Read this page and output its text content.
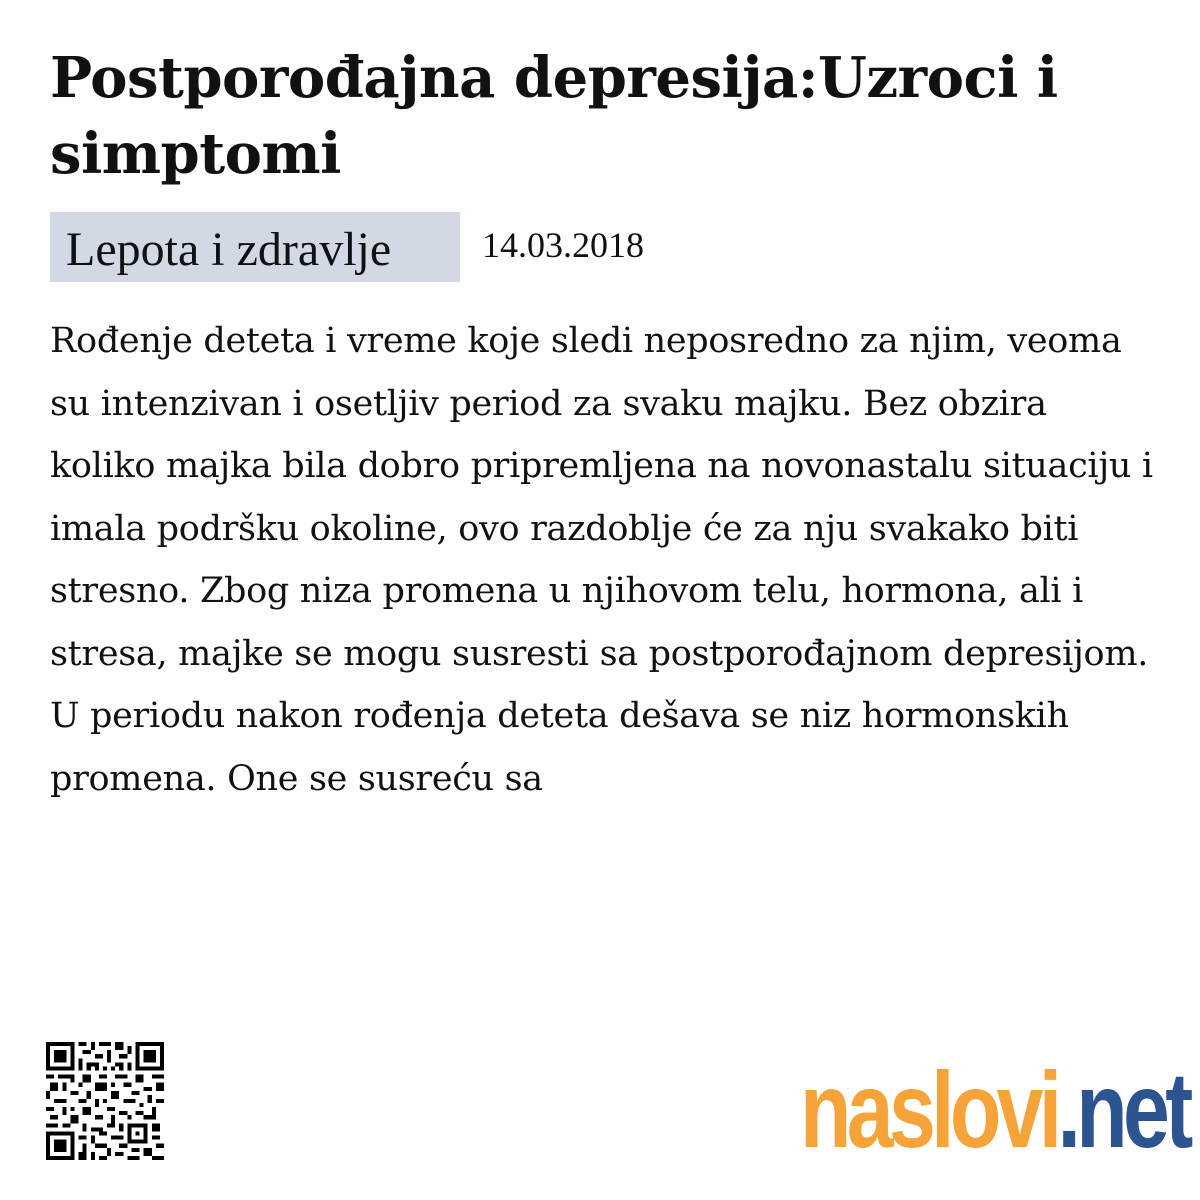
Postporođajna depresija:Uzroci i simptomi
Lepota i zdravlje	14.03.2018

Rođenje deteta i vreme koje sledi neposredno za njim, veoma su intenzivan i osetljiv period za svaku majku. Bez obzira koliko majka bila dobro pripremljena na novonastalu situaciju i imala podršku okoline, ovo razdoblje će za nju svakako biti stresno. Zbog niza promena u njihovom telu, hormona, ali i stresa, majke se mogu susresti sa postporođajnom depresijom. U periodu nakon rođenja deteta dešava se niz hormonskih promena. One se susreću sa

naslovi.net
